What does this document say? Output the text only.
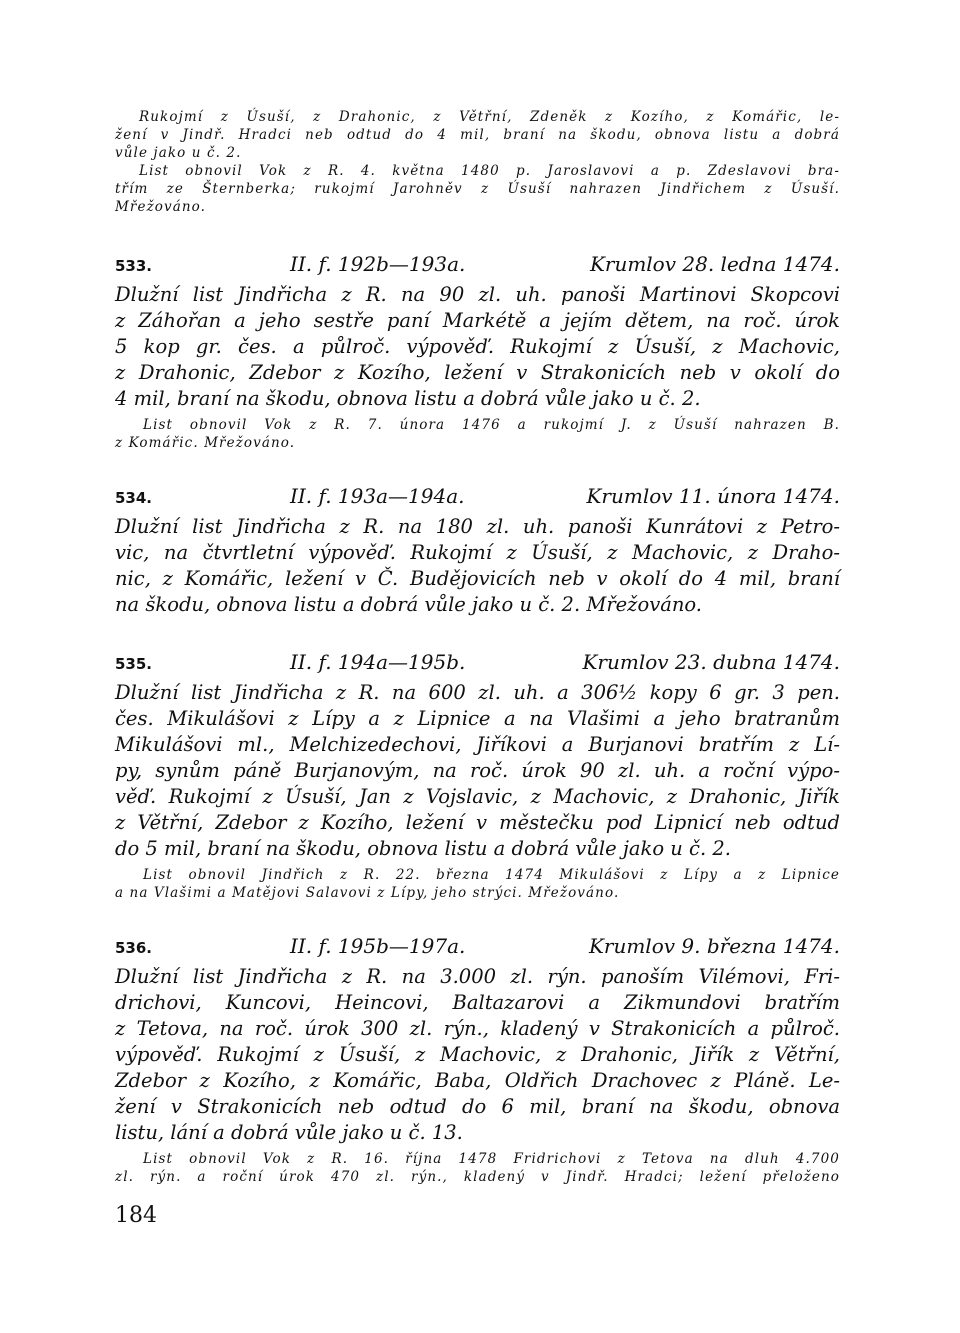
Rukojmí z Úsuší, z Drahonic, z Větřní, Zdeněk z Kozího, z Komářic, le-
žení v Jindř. Hradci neb odtud do 4 mil, braní na škodu, obnova listu a dobrá
vůle jako u č. 2.
List obnovil Vok z R. 4. května 1480 p. Jaroslavovi a p. Zdeslavovi bra-
třím ze Šternberka; rukojmí Jarohněv z Úsuší nahrazen Jindřichem z Úsuší.
Mřežováno.

533.	II. f. 192b—193a.	Krumlov 28. ledna 1474.

Dlužní list Jindřicha z R. na 90 zl. uh. panoši Martinovi Skopcovi
z Záhořan a jeho sestře paní Markétě a jejím dětem, na roč. úrok
5 kop gr. čes. a půlroč. výpověď. Rukojmí z Úsuší, z Machovic,
z Drahonic, Zdebor z Kozího, ležení v Strakonicích neb v okolí do
4 mil, braní na škodu, obnova listu a dobrá vůle jako u č. 2.

List obnovil Vok z R. 7. února 1476 a rukojmí J. z Úsuší nahrazen B.
z Komářic. Mřežováno.

534.	II. f. 193a—194a.	Krumlov 11. února 1474.

Dlužní list Jindřicha z R. na 180 zl. uh. panoši Kunrátovi z Petro-
vic, na čtvrtletní výpověď. Rukojmí z Úsuší, z Machovic, z Draho-
nic, z Komářic, ležení v Č. Budějovicích neb v okolí do 4 mil, braní
na škodu, obnova listu a dobrá vůle jako u č. 2. Mřežováno.

535.	II. f. 194a—195b.	Krumlov 23. dubna 1474.

Dlužní list Jindřicha z R. na 600 zl. uh. a 306½ kopy 6 gr. 3 pen.
čes. Mikulášovi z Lípy a z Lipnice a na Vlašimi a jeho bratranům
Mikulášovi ml., Melchizedechovi, Jiříkovi a Burjanovi bratřím z Lí-
py, synům páně Burjanovým, na roč. úrok 90 zl. uh. a roční výpo-
věď. Rukojmí z Úsuší, Jan z Vojslavic, z Machovic, z Drahonic, Jiřík
z Větřní, Zdebor z Kozího, ležení v městečku pod Lipnicí neb odtud
do 5 mil, braní na škodu, obnova listu a dobrá vůle jako u č. 2.

List obnovil Jindřich z R. 22. března 1474 Mikulášovi z Lípy a z Lipnice
a na Vlašimi a Matějovi Salavovi z Lípy, jeho strýci. Mřežováno.

536.	II. f. 195b—197a.	Krumlov 9. března 1474.

Dlužní list Jindřicha z R. na 3.000 zl. rýn. panoším Vilémovi, Fri-
drichovi, Kuncovi, Heincovi, Baltazarovi a Zikmundovi bratřím
z Tetova, na roč. úrok 300 zl. rýn., kladený v Strakonicích a půlroč.
výpověď. Rukojmí z Úsuší, z Machovic, z Drahonic, Jiřík z Větřní,
Zdebor z Kozího, z Komářic, Baba, Oldřich Drachovec z Pláně. Le-
žení v Strakonicích neb odtud do 6 mil, braní na škodu, obnova
listu, lání a dobrá vůle jako u č. 13.

List obnovil Vok z R. 16. října 1478 Fridrichovi z Tetova na dluh 4.700
zl. rýn. a roční úrok 470 zl. rýn., kladený v Jindř. Hradci; ležení přeloženo

184
